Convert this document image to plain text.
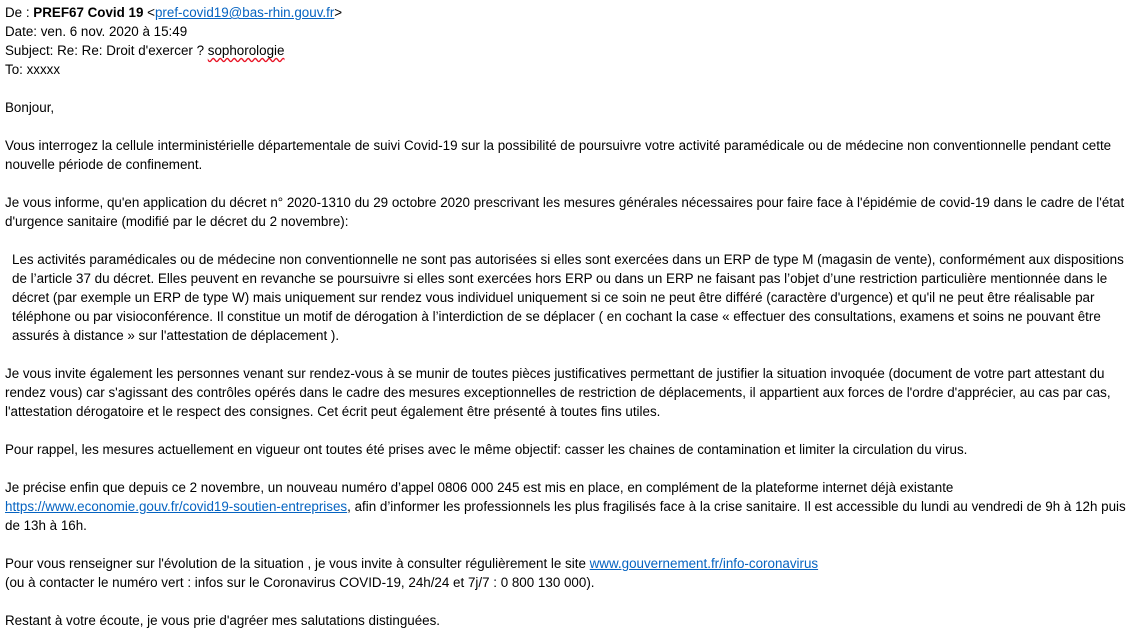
De : PREF67 Covid 19 <pref-covid19@bas-rhin.gouv.fr>
Date: ven. 6 nov. 2020 à 15:49
Subject: Re: Re: Droit d'exercer ? sophorologie
To: xxxxx

Bonjour,

Vous interrogez la cellule interministérielle départementale de suivi Covid-19 sur la possibilité de poursuivre votre activité paramédicale ou de médecine non conventionnelle pendant cette nouvelle période de confinement.

Je vous informe, qu'en application du décret n° 2020-1310 du 29 octobre 2020 prescrivant les mesures générales nécessaires pour faire face à l'épidémie de covid-19 dans le cadre de l'état d'urgence sanitaire (modifié par le décret du 2 novembre):

Les activités paramédicales ou de médecine non conventionnelle ne sont pas autorisées si elles sont exercées dans un ERP de type M (magasin de vente), conformément aux dispositions de l’article 37 du décret. Elles peuvent en revanche se poursuivre si elles sont exercées hors ERP ou dans un ERP ne faisant pas l’objet d’une restriction particulière mentionnée dans le décret (par exemple un ERP de type W) mais uniquement sur rendez vous individuel uniquement si ce soin ne peut être différé (caractère d'urgence) et qu'il ne peut être réalisable par téléphone ou par visioconférence. Il constitue un motif de dérogation à l’interdiction de se déplacer ( en cochant la case « effectuer des consultations, examens et soins ne pouvant être assurés à distance » sur l'attestation de déplacement ).

Je vous invite également les personnes venant sur rendez-vous à se munir de toutes pièces justificatives permettant de justifier la situation invoquée (document de votre part attestant du rendez vous) car s'agissant des contrôles opérés dans le cadre des mesures exceptionnelles de restriction de déplacements, il appartient aux forces de l'ordre d'apprécier, au cas par cas, l'attestation dérogatoire et le respect des consignes. Cet écrit peut également être présenté à toutes fins utiles.

Pour rappel, les mesures actuellement en vigueur ont toutes été prises avec le même objectif: casser les chaines de contamination et limiter la circulation du virus.

Je précise enfin que depuis ce 2 novembre, un nouveau numéro d’appel 0806 000 245 est mis en place, en complément de la plateforme internet déjà existante https://www.economie.gouv.fr/covid19-soutien-entreprises, afin d’informer les professionnels les plus fragilisés face à la crise sanitaire. Il est accessible du lundi au vendredi de 9h à 12h puis de 13h à 16h.

Pour vous renseigner sur l'évolution de la situation , je vous invite à consulter régulièrement le site www.gouvernement.fr/info-coronavirus
(ou à contacter le numéro vert : infos sur le Coronavirus COVID-19, 24h/24 et 7j/7 : 0 800 130 000).

Restant à votre écoute, je vous prie d'agréer mes salutations distinguées.
